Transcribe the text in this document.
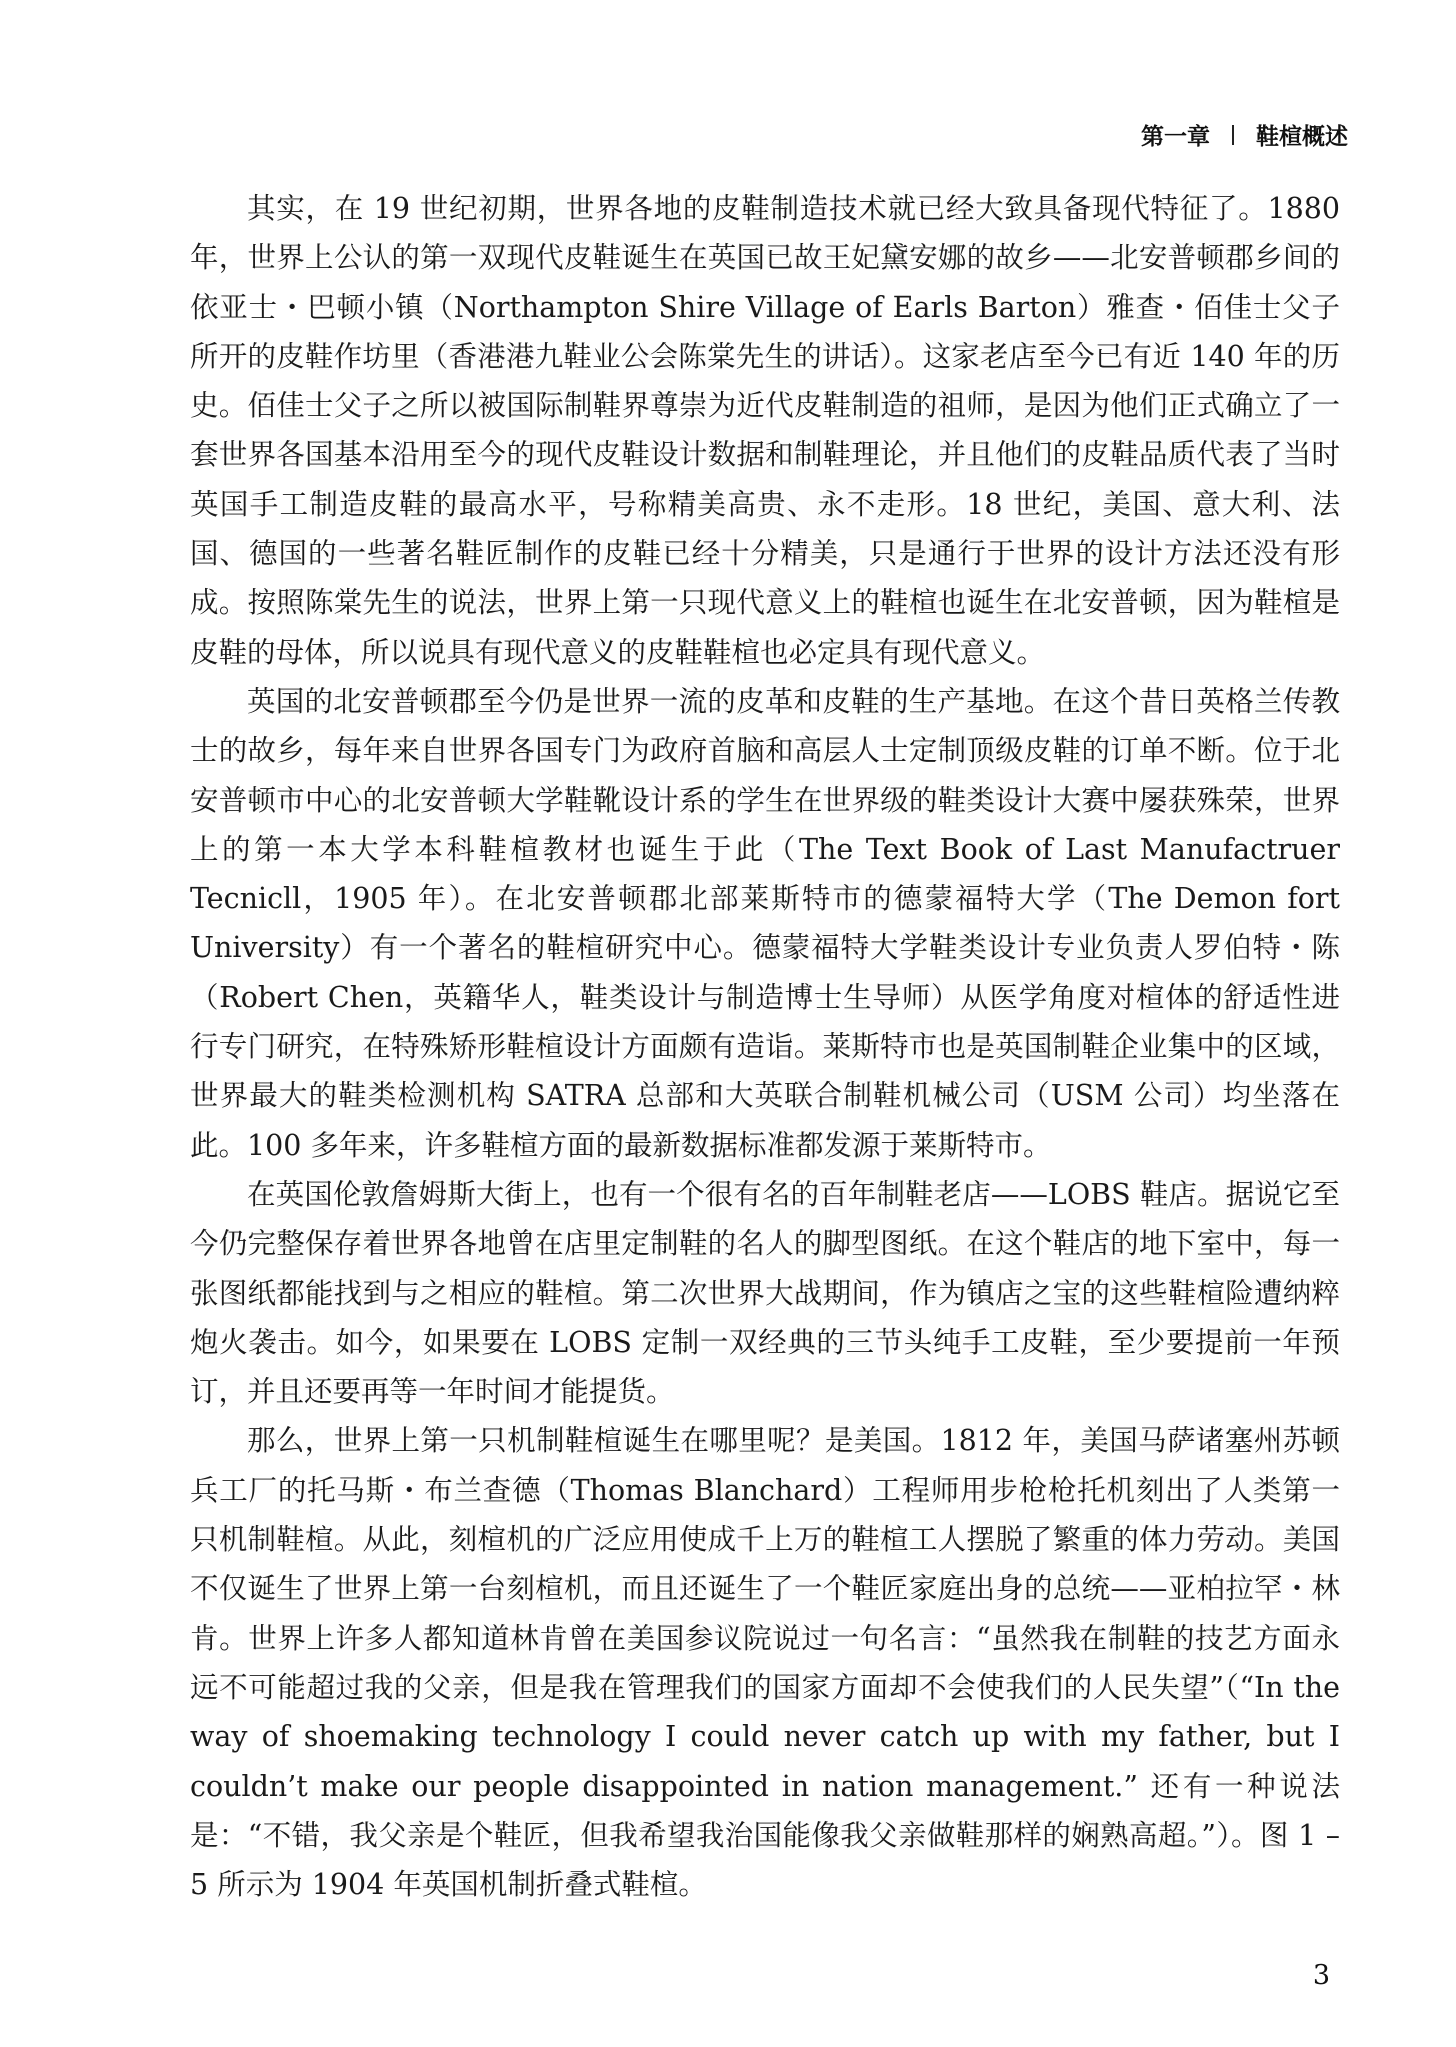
第一章 鞋楦概述

其实，在 19 世纪初期，世界各地的皮鞋制造技术就已经大致具备现代特征了。1880 年，世界上公认的第一双现代皮鞋诞生在英国已故王妃黛安娜的故乡——北安普顿郡乡间的依亚士・巴顿小镇（Northampton Shire Village of Earls Barton）雅查・佰佳士父子所开的皮鞋作坊里（香港港九鞋业公会陈棠先生的讲话）。这家老店至今已有近 140 年的历史。佰佳士父子之所以被国际制鞋界尊崇为近代皮鞋制造的祖师，是因为他们正式确立了一套世界各国基本沿用至今的现代皮鞋设计数据和制鞋理论，并且他们的皮鞋品质代表了当时英国手工制造皮鞋的最高水平，号称精美高贵、永不走形。18 世纪，美国、意大利、法国、德国的一些著名鞋匠制作的皮鞋已经十分精美，只是通行于世界的设计方法还没有形成。按照陈棠先生的说法，世界上第一只现代意义上的鞋楦也诞生在北安普顿，因为鞋楦是皮鞋的母体，所以说具有现代意义的皮鞋鞋楦也必定具有现代意义。

英国的北安普顿郡至今仍是世界一流的皮革和皮鞋的生产基地。在这个昔日英格兰传教士的故乡，每年来自世界各国专门为政府首脑和高层人士定制顶级皮鞋的订单不断。位于北安普顿市中心的北安普顿大学鞋靴设计系的学生在世界级的鞋类设计大赛中屡获殊荣，世界上的第一本大学本科鞋楦教材也诞生于此（The Text Book of Last Manufactruer Tecnicll，1905 年）。在北安普顿郡北部莱斯特市的德蒙福特大学（The Demon fort University）有一个著名的鞋楦研究中心。德蒙福特大学鞋类设计专业负责人罗伯特・陈（Robert Chen，英籍华人，鞋类设计与制造博士生导师）从医学角度对楦体的舒适性进行专门研究，在特殊矫形鞋楦设计方面颇有造诣。莱斯特市也是英国制鞋企业集中的区域，世界最大的鞋类检测机构 SATRA 总部和大英联合制鞋机械公司（USM 公司）均坐落在此。100 多年来，许多鞋楦方面的最新数据标准都发源于莱斯特市。

在英国伦敦詹姆斯大街上，也有一个很有名的百年制鞋老店——LOBS 鞋店。据说它至今仍完整保存着世界各地曾在店里定制鞋的名人的脚型图纸。在这个鞋店的地下室中，每一张图纸都能找到与之相应的鞋楦。第二次世界大战期间，作为镇店之宝的这些鞋楦险遭纳粹炮火袭击。如今，如果要在 LOBS 定制一双经典的三节头纯手工皮鞋，至少要提前一年预订，并且还要再等一年时间才能提货。

那么，世界上第一只机制鞋楦诞生在哪里呢？是美国。1812 年，美国马萨诸塞州苏顿兵工厂的托马斯・布兰查德（Thomas Blanchard）工程师用步枪枪托机刻出了人类第一只机制鞋楦。从此，刻楦机的广泛应用使成千上万的鞋楦工人摆脱了繁重的体力劳动。美国不仅诞生了世界上第一台刻楦机，而且还诞生了一个鞋匠家庭出身的总统——亚柏拉罕・林肯。世界上许多人都知道林肯曾在美国参议院说过一句名言：“虽然我在制鞋的技艺方面永远不可能超过我的父亲，但是我在管理我们的国家方面却不会使我们的人民失望”（“In the way of shoemaking technology I could never catch up with my father, but I couldn’t make our people disappointed in nation management.” 还有一种说法是：“不错，我父亲是个鞋匠，但我希望我治国能像我父亲做鞋那样的娴熟高超。”）。图 1 – 5 所示为 1904 年英国机制折叠式鞋楦。

3
